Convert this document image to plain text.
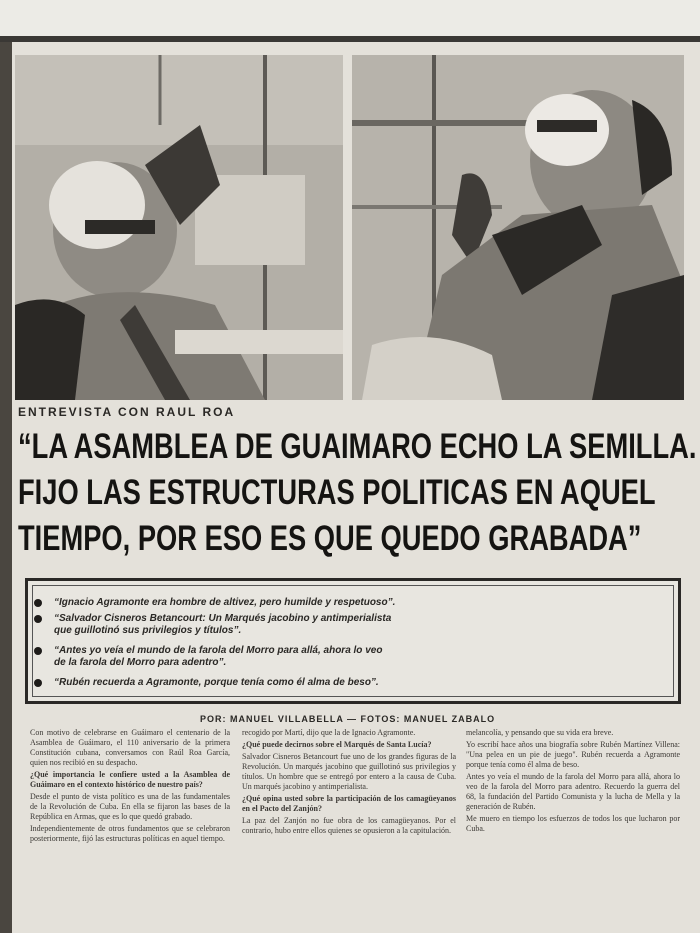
ENTREVISTA CON RAUL ROA
“LA ASAMBLEA DE GUAIMARO ECHO LA SEMILLA.
FIJO LAS ESTRUCTURAS POLITICAS EN AQUEL
TIEMPO, POR ESO ES QUE QUEDO GRABADA”
“Ignacio Agramonte era hombre de altivez, pero humilde y respetuoso”.
“Salvador Cisneros Betancourt: Un Marqués jacobino y antimperialista
que guillotinó sus privilegios y títulos”.
“Antes yo veía el mundo de la farola del Morro para allá, ahora lo veo
de la farola del Morro para adentro”.
“Rubén recuerda a Agramonte, porque tenía como él alma de beso”.
POR: MANUEL VILLABELLA — FOTOS: MANUEL ZABALO

Con motivo de celebrarse en Guáimaro el centenario de la Asamblea de Guáimaro, el 110 aniversario de la primera Constitución cubana, conversamos con Raúl Roa García, quien nos recibió en su despacho.

¿Qué importancia le confiere usted a la Asamblea de Guáimaro en el contexto histórico de nuestro país?

Desde el punto de vista político es una de las fundamentales de la Revolución de Cuba. En ella se fijaron las bases de la República en Armas, que es lo que quedó grabado.

Independientemente de otros fundamentos que se celebraron posteriormente, fijó las estructuras políticas en aquel tiempo.

recogido por Martí, dijo que la de Ignacio Agramonte.

¿Qué puede decirnos sobre el Marqués de Santa Lucía?

Salvador Cisneros Betancourt fue uno de los grandes figuras de la Revolución. Un marqués jacobino que guillotinó sus privilegios y títulos. Un hombre que se entregó por entero a la causa de Cuba. Un marqués jacobino y antimperialista.

¿Qué opina usted sobre la participación de los camagüeyanos en el Pacto del Zanjón?

La paz del Zanjón no fue obra de los camagüeyanos. Por el contrario, hubo entre ellos quienes se opusieron a la capitulación.

melancolía, y pensando que su vida era breve.

Yo escribí hace años una biografía sobre Rubén Martínez Villena: "Una pelea en un pie de juego". Rubén recuerda a Agramonte porque tenía como él alma de beso.

Antes yo veía el mundo de la farola del Morro para allá, ahora lo veo de la farola del Morro para adentro. Recuerdo la guerra del 68, la fundación del Partido Comunista y la lucha de Mella y la generación de Rubén.

Me muero en tiempo los esfuerzos de todos los que lucharon por Cuba.
